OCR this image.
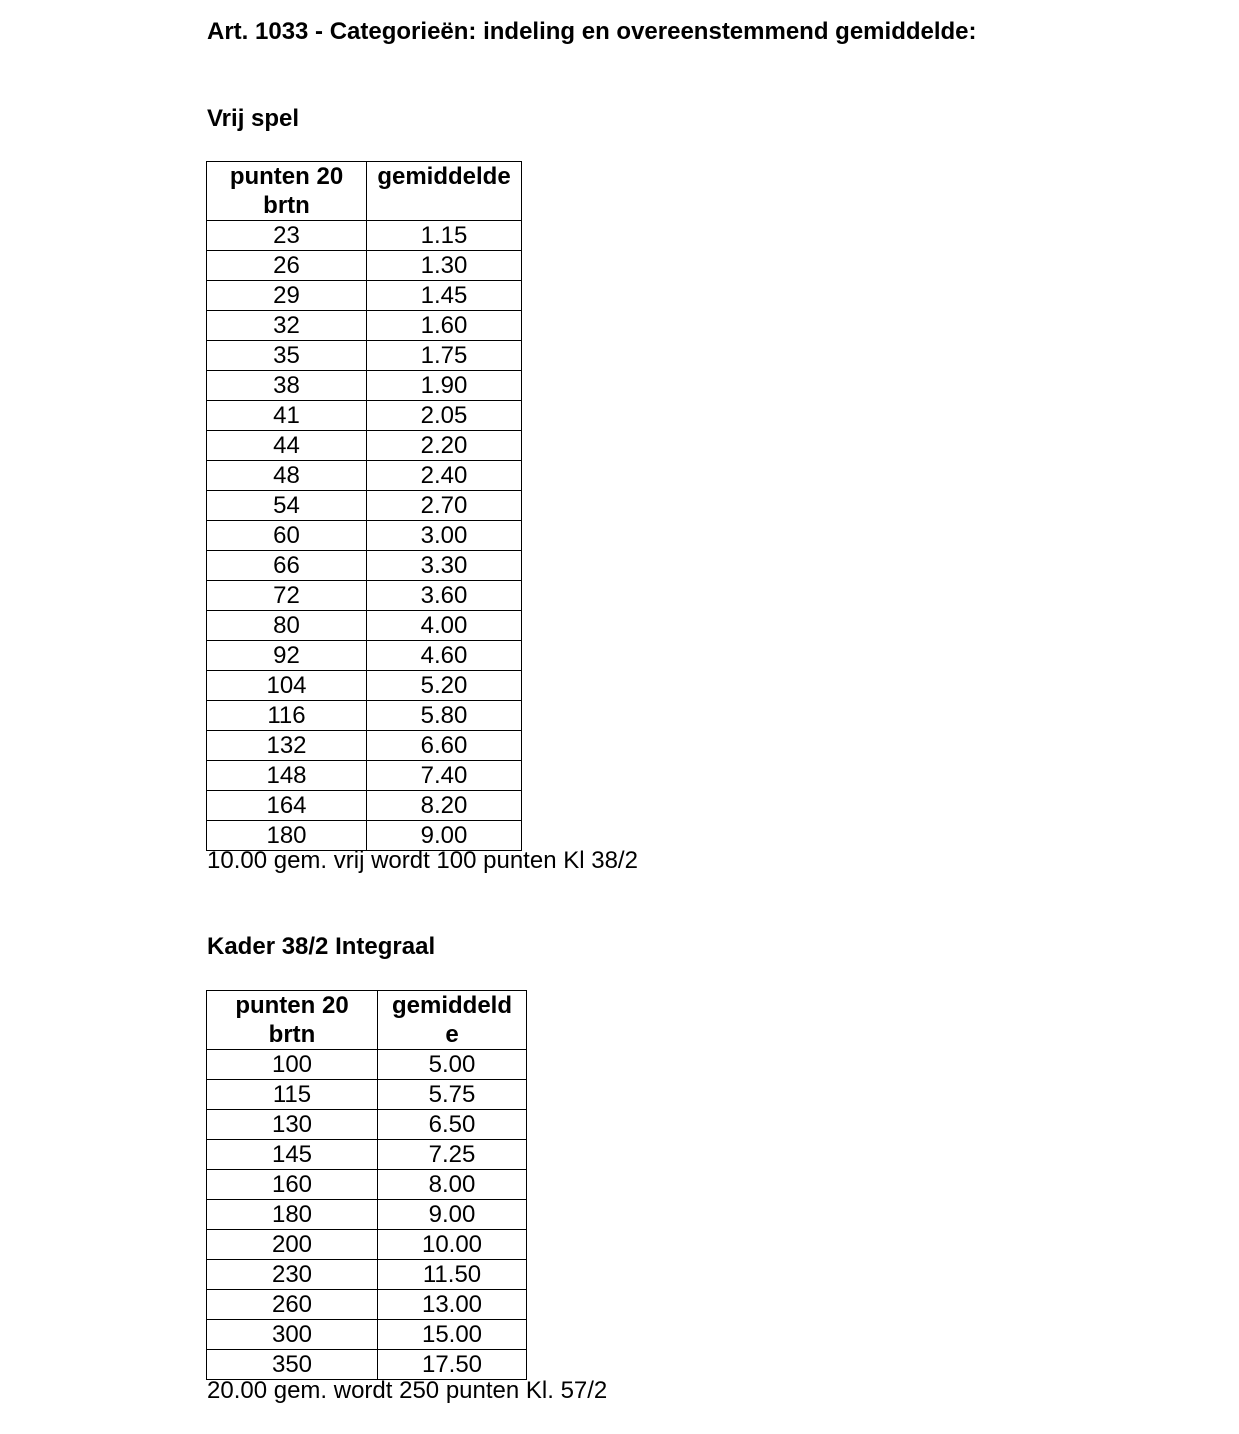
Art. 1033 - Categorieën: indeling en overeenstemmend gemiddelde:
Vrij spel
punten 20
brtn	gemiddelde
23	1.15
26	1.30
29	1.45
32	1.60
35	1.75
38	1.90
41	2.05
44	2.20
48	2.40
54	2.70
60	3.00
66	3.30
72	3.60
80	4.00
92	4.60
104	5.20
116	5.80
132	6.60
148	7.40
164	8.20
180	9.00
10.00 gem. vrij wordt 100 punten Kl 38/2
Kader 38/2 Integraal
punten 20
brtn	gemiddeld
e
100	5.00
115	5.75
130	6.50
145	7.25
160	8.00
180	9.00
200	10.00
230	11.50
260	13.00
300	15.00
350	17.50
20.00 gem. wordt 250 punten Kl. 57/2
